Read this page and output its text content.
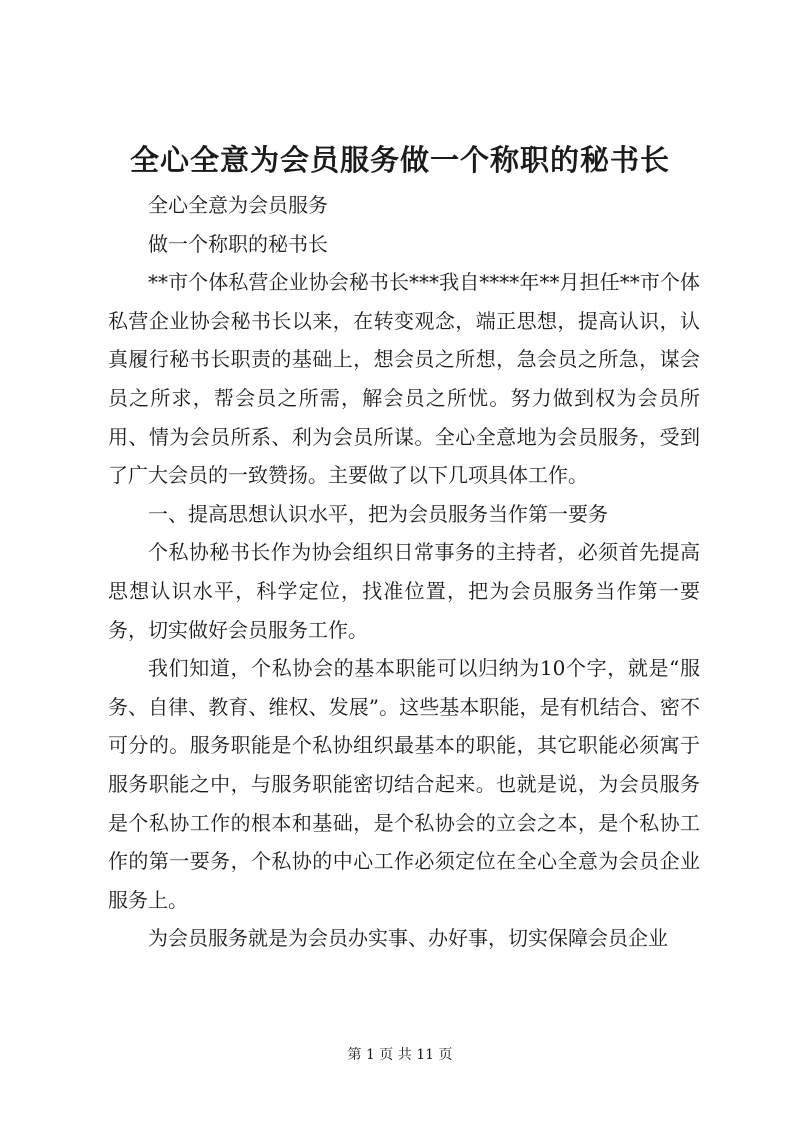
全心全意为会员服务做一个称职的秘书长

全心全意为会员服务

做一个称职的秘书长

**市个体私营企业协会秘书长***我自****年**月担任**市个体私营企业协会秘书长以来，在转变观念，端正思想，提高认识，认真履行秘书长职责的基础上，想会员之所想，急会员之所急，谋会员之所求，帮会员之所需，解会员之所忧。努力做到权为会员所用、情为会员所系、利为会员所谋。全心全意地为会员服务，受到了广大会员的一致赞扬。主要做了以下几项具体工作。

一、提高思想认识水平，把为会员服务当作第一要务

个私协秘书长作为协会组织日常事务的主持者，必须首先提高思想认识水平，科学定位，找准位置，把为会员服务当作第一要务，切实做好会员服务工作。

我们知道，个私协会的基本职能可以归纳为10个字，就是“服务、自律、教育、维权、发展”。这些基本职能，是有机结合、密不可分的。服务职能是个私协组织最基本的职能，其它职能必须寓于服务职能之中，与服务职能密切结合起来。也就是说，为会员服务是个私协工作的根本和基础，是个私协会的立会之本，是个私协工作的第一要务，个私协的中心工作必须定位在全心全意为会员企业服务上。

为会员服务就是为会员办实事、办好事，切实保障会员企业

第 1 页 共 11 页
